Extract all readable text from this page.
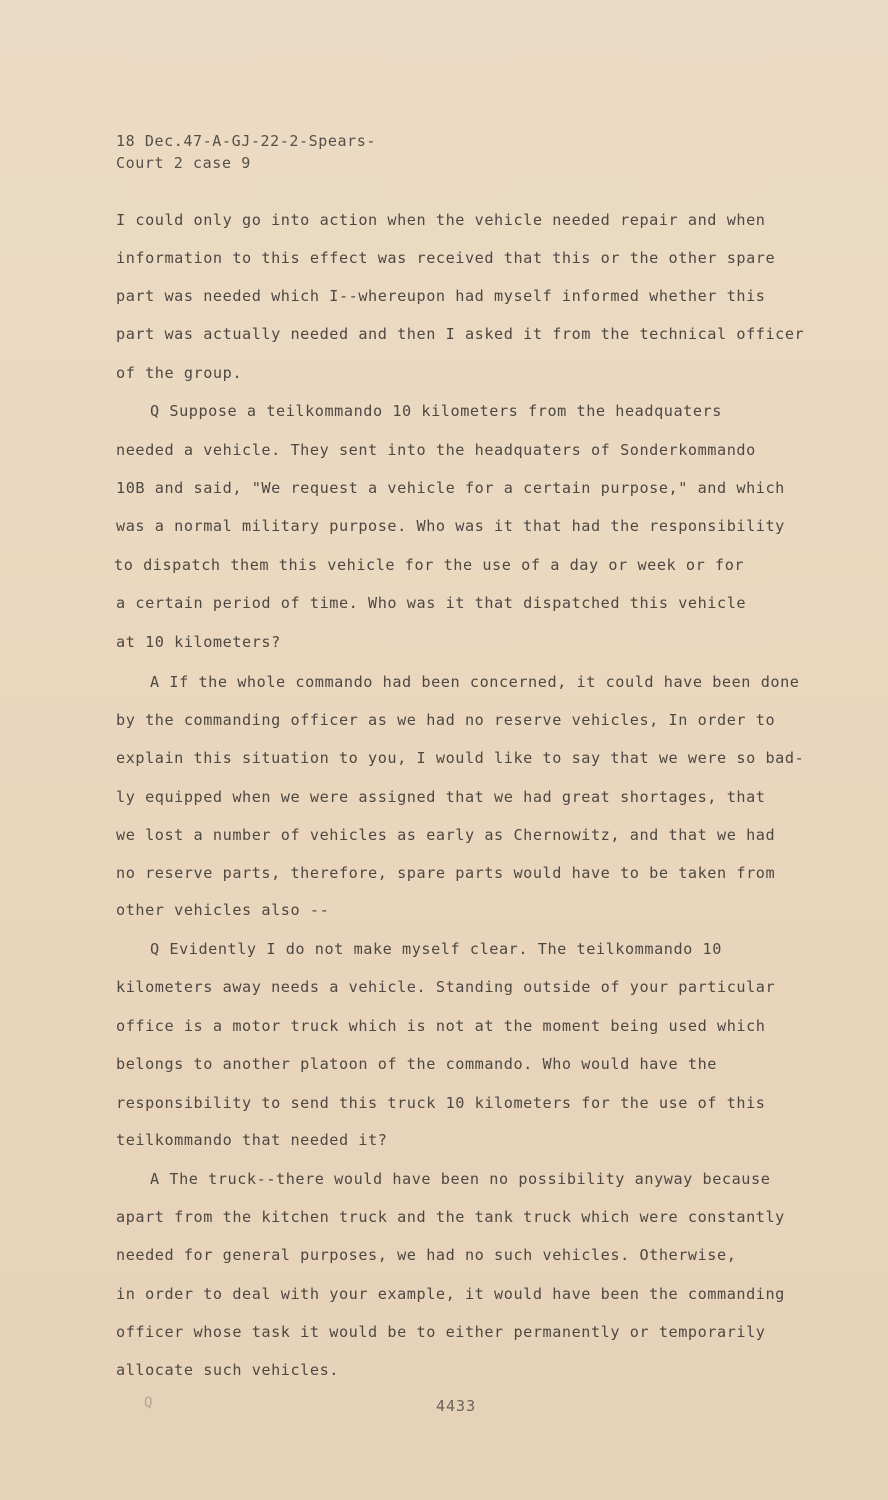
18 Dec.47-A-GJ-22-2-Spears-
Court 2 case 9
I could only go into action when the vehicle needed repair and when
information to this effect was received that this or the other spare
part was needed which I--whereupon had myself informed whether this
part was actually needed and then I asked it from the technical officer
of the group.
Q Suppose a teilkommando 10 kilometers from the headquaters
needed a vehicle. They sent into the headquaters of Sonderkommando
10B and said, "We request a vehicle for a certain purpose," and which
was a normal military purpose. Who was it that had the responsibility
to dispatch them this vehicle for the use of a day or week or for
a certain period of time. Who was it that dispatched this vehicle
at 10 kilometers?
A If the whole commando had been concerned, it could have been done
by the commanding officer as we had no reserve vehicles, In order to
explain this situation to you, I would like to say that we were so bad-
ly equipped when we were assigned that we had great shortages, that
we lost a number of vehicles as early as Chernowitz, and that we had
no reserve parts, therefore, spare parts would have to be taken from
other vehicles also --
Q Evidently I do not make myself clear. The teilkommando 10
kilometers away needs a vehicle. Standing outside of your particular
office is a motor truck which is not at the moment being used which
belongs to another platoon of the commando. Who would have the
responsibility to send this truck 10 kilometers for the use of this
teilkommando that needed it?
A The truck--there would have been no possibility anyway because
apart from the kitchen truck and the tank truck which were constantly
needed for general purposes, we had no such vehicles. Otherwise,
in order to deal with your example, it would have been the commanding
officer whose task it would be to either permanently or temporarily
allocate such vehicles.
Q	4433
